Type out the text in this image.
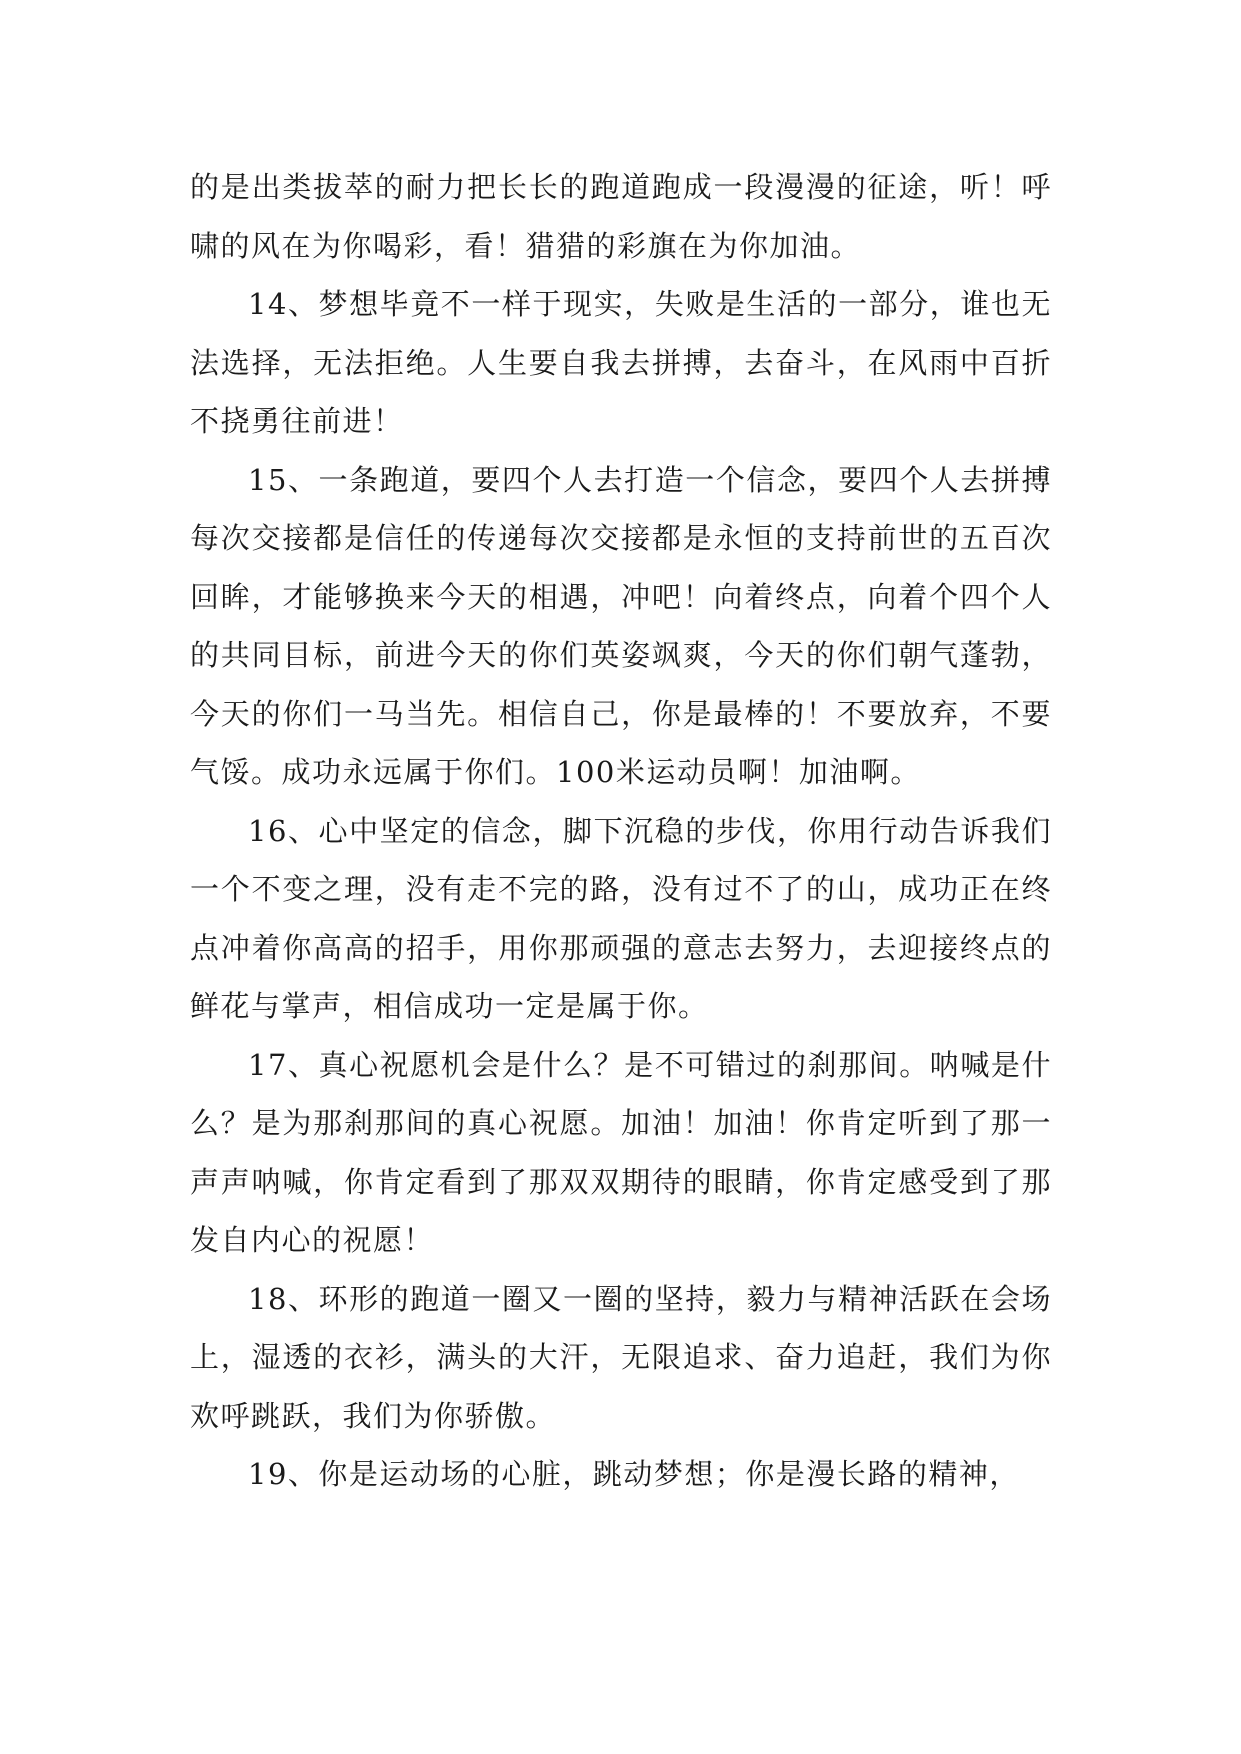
的是出类拔萃的耐力把长长的跑道跑成一段漫漫的征途，听！呼啸的风在为你喝彩，看！猎猎的彩旗在为你加油。

14、梦想毕竟不一样于现实，失败是生活的一部分，谁也无法选择，无法拒绝。人生要自我去拼搏，去奋斗，在风雨中百折不挠勇往前进！

15、一条跑道，要四个人去打造一个信念，要四个人去拼搏每次交接都是信任的传递每次交接都是永恒的支持前世的五百次回眸，才能够换来今天的相遇，冲吧！向着终点，向着个四个人的共同目标，前进今天的你们英姿飒爽，今天的你们朝气蓬勃，今天的你们一马当先。相信自己，你是最棒的！不要放弃，不要气馁。成功永远属于你们。100米运动员啊！加油啊。

16、心中坚定的信念，脚下沉稳的步伐，你用行动告诉我们一个不变之理，没有走不完的路，没有过不了的山，成功正在终点冲着你高高的招手，用你那顽强的意志去努力，去迎接终点的鲜花与掌声，相信成功一定是属于你。

17、真心祝愿机会是什么？是不可错过的刹那间。呐喊是什么？是为那刹那间的真心祝愿。加油！加油！你肯定听到了那一声声呐喊，你肯定看到了那双双期待的眼睛，你肯定感受到了那发自内心的祝愿！

18、环形的跑道一圈又一圈的坚持，毅力与精神活跃在会场上，湿透的衣衫，满头的大汗，无限追求、奋力追赶，我们为你欢呼跳跃，我们为你骄傲。

19、你是运动场的心脏，跳动梦想；你是漫长路的精神，
